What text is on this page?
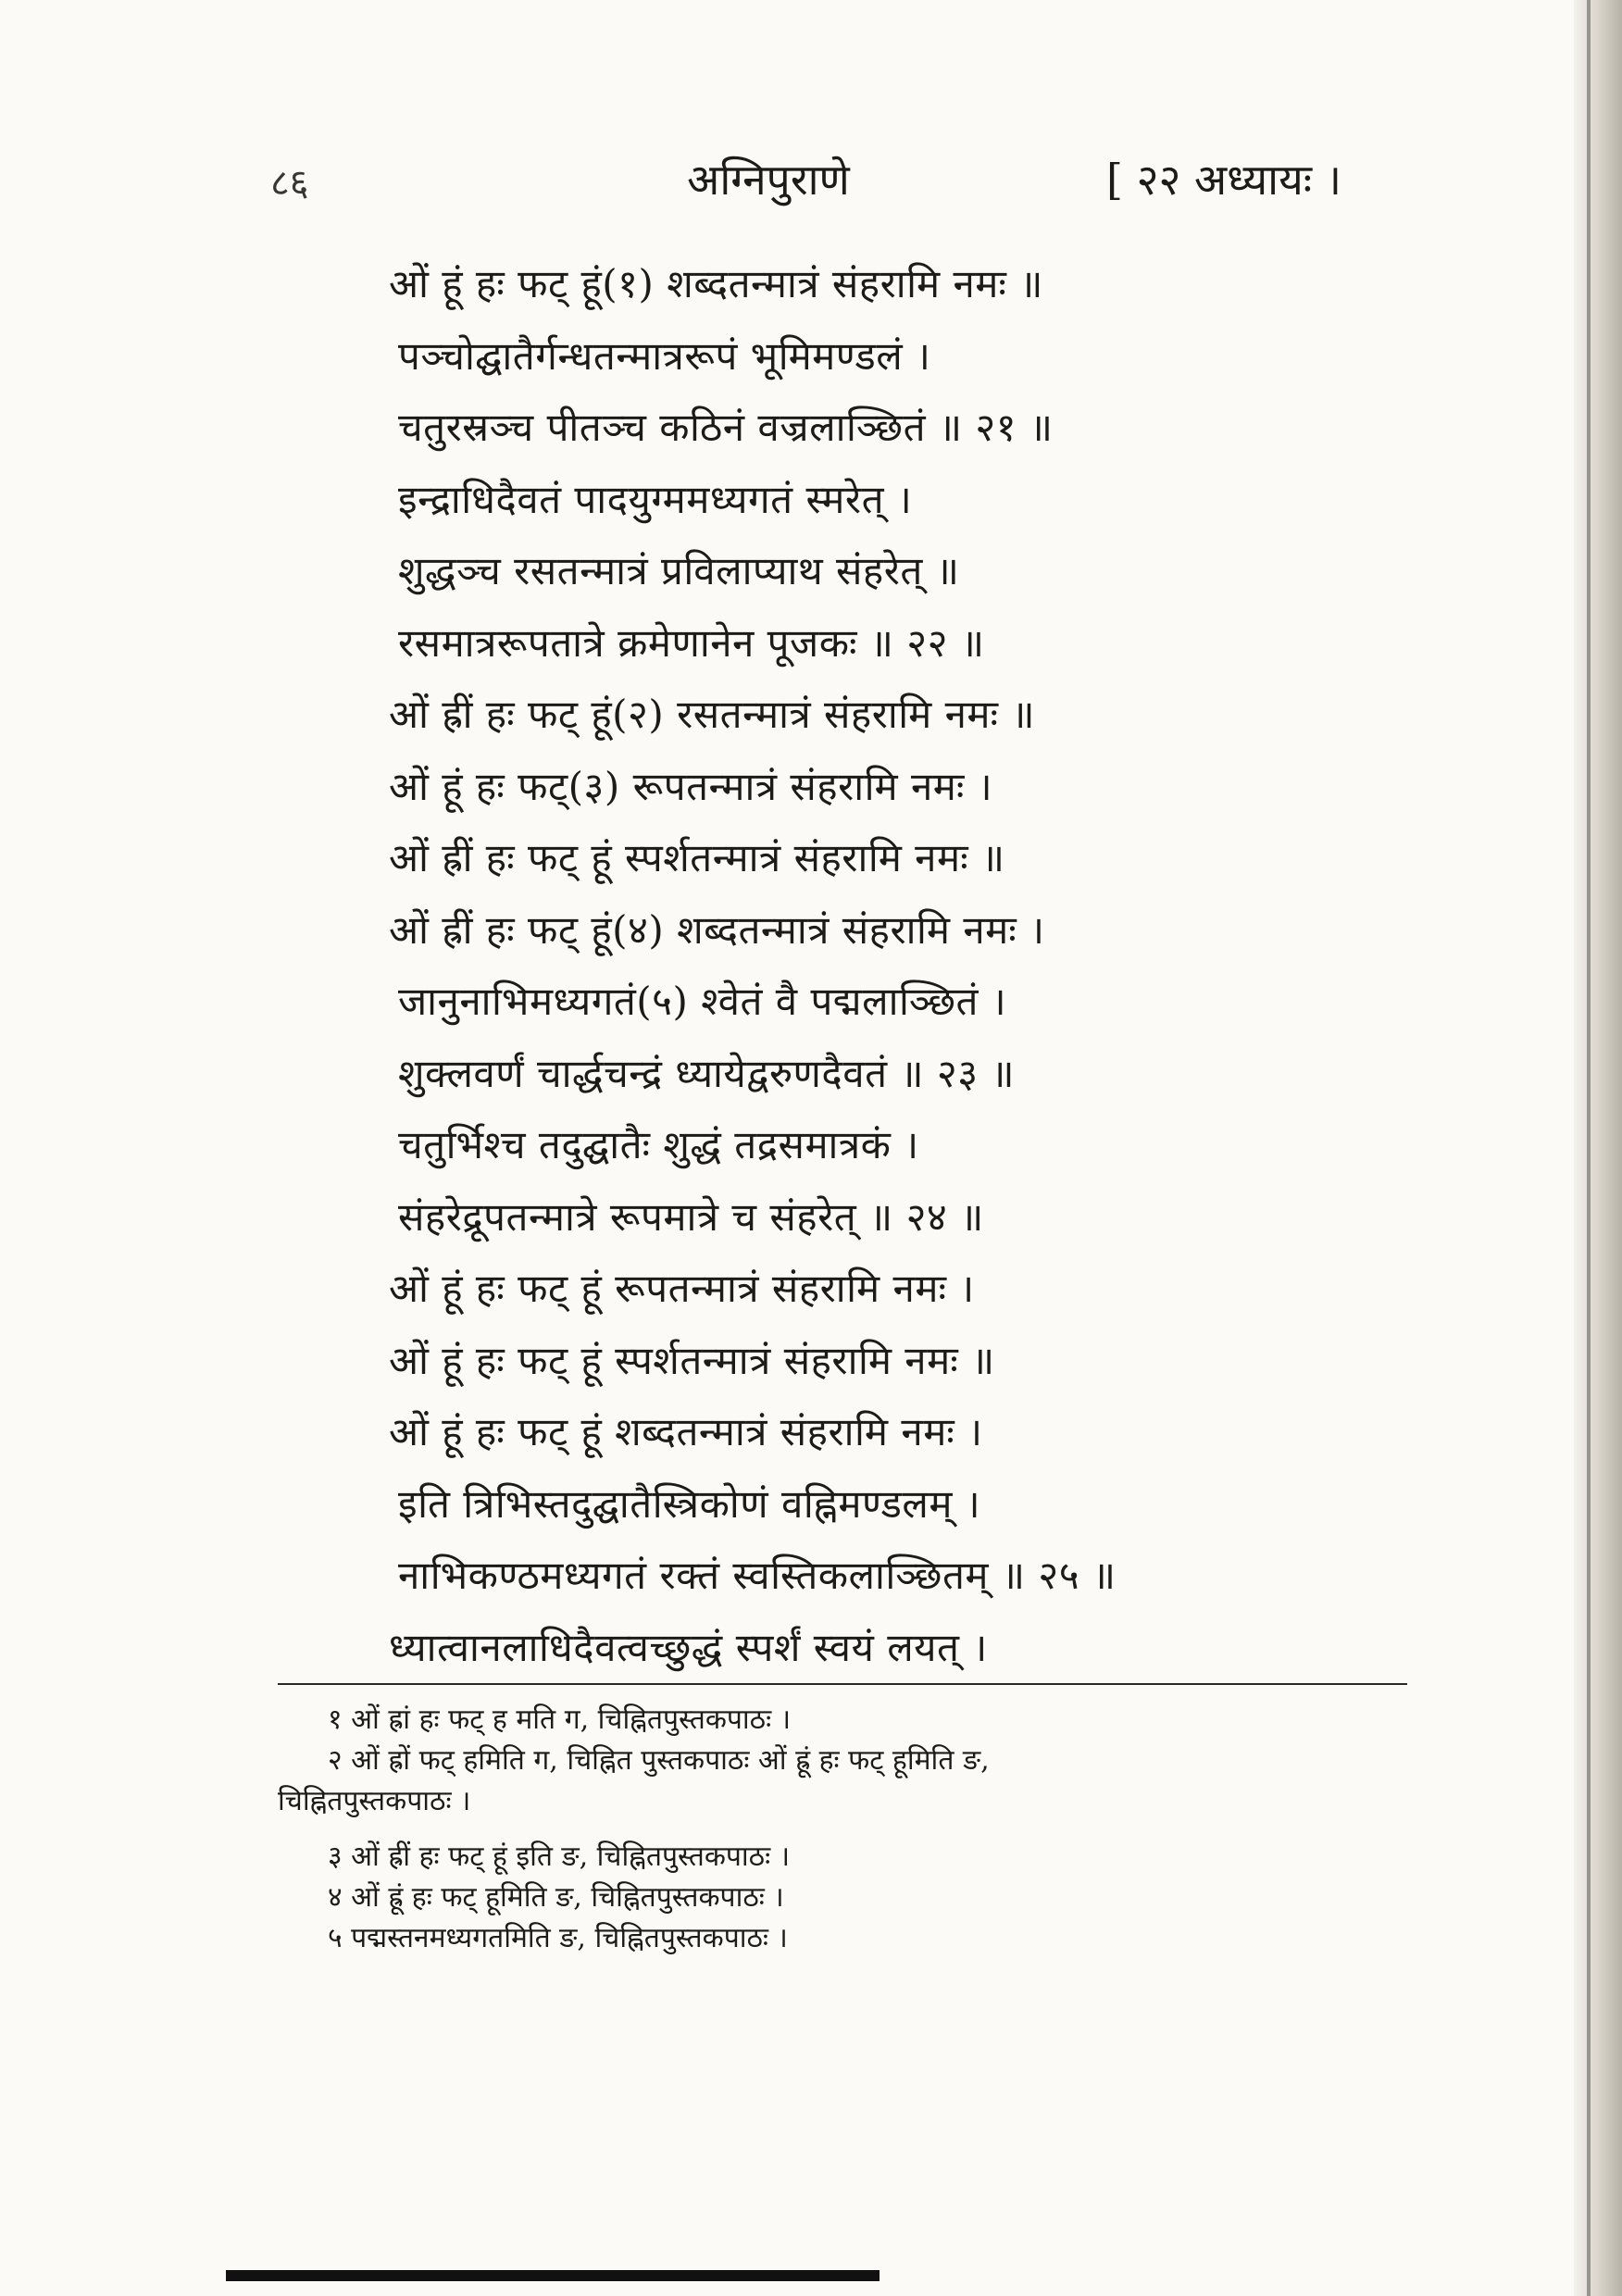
८६	अग्निपुराणे	[ २२ अध्यायः ।
ओं हूं हः फट् हूं(१) शब्दतन्मात्रं संहरामि नमः ॥
पञ्चोद्घातैर्गन्धतन्मात्ररूपं भूमिमण्डलं ।
चतुरस्रञ्च पीतञ्च कठिनं वज्रलाञ्छितं ॥ २१ ॥
इन्द्राधिदैवतं पादयुग्ममध्यगतं स्मरेत् ।
शुद्धञ्च रसतन्मात्रं प्रविलाप्याथ संहरेत् ॥
रसमात्ररूपतात्रे क्रमेणानेन पूजकः ॥ २२ ॥
ओं ह्रीं हः फट् हूं(२) रसतन्मात्रं संहरामि नमः ॥
ओं हूं हः फट्(३) रूपतन्मात्रं संहरामि नमः ।
ओं ह्रीं हः फट् हूं स्पर्शतन्मात्रं संहरामि नमः ॥
ओं ह्रीं हः फट् हूं(४) शब्दतन्मात्रं संहरामि नमः ।
जानुनाभिमध्यगतं(५) श्वेतं वै पद्मलाञ्छितं ।
शुक्लवर्णं चार्द्धचन्द्रं ध्यायेद्वरुणदैवतं ॥ २३ ॥
चतुर्भिश्च तदुद्घातैः शुद्धं तद्रसमात्रकं ।
संहरेद्रूपतन्मात्रे रूपमात्रे च संहरेत् ॥ २४ ॥
ओं हूं हः फट् हूं रूपतन्मात्रं संहरामि नमः ।
ओं हूं हः फट् हूं स्पर्शतन्मात्रं संहरामि नमः ॥
ओं हूं हः फट् हूं शब्दतन्मात्रं संहरामि नमः ।
इति त्रिभिस्तदुद्घातैस्त्रिकोणं वह्निमण्डलम् ।
नाभिकण्ठमध्यगतं रक्तं स्वस्तिकलाञ्छितम् ॥ २५ ॥
ध्यात्वानलाधिदैवत्वच्छुद्धं स्पर्शं स्वयं लयत् ।
१ ओं ह्रां हः फट् ह मति ग, चिह्नितपुस्तकपाठः ।
२ ओं ह्रों फट् हमिति ग, चिह्नित पुस्तकपाठः ओं ह्रूं हः फट् हूमिति ङ,
चिह्नितपुस्तकपाठः ।
३ ओं ह्रीं हः फट् हूं इति ङ, चिह्नितपुस्तकपाठः ।
४ ओं ह्रूं हः फट् हूमिति ङ, चिह्नितपुस्तकपाठः ।
५ पद्मस्तनमध्यगतमिति ङ, चिह्नितपुस्तकपाठः ।
